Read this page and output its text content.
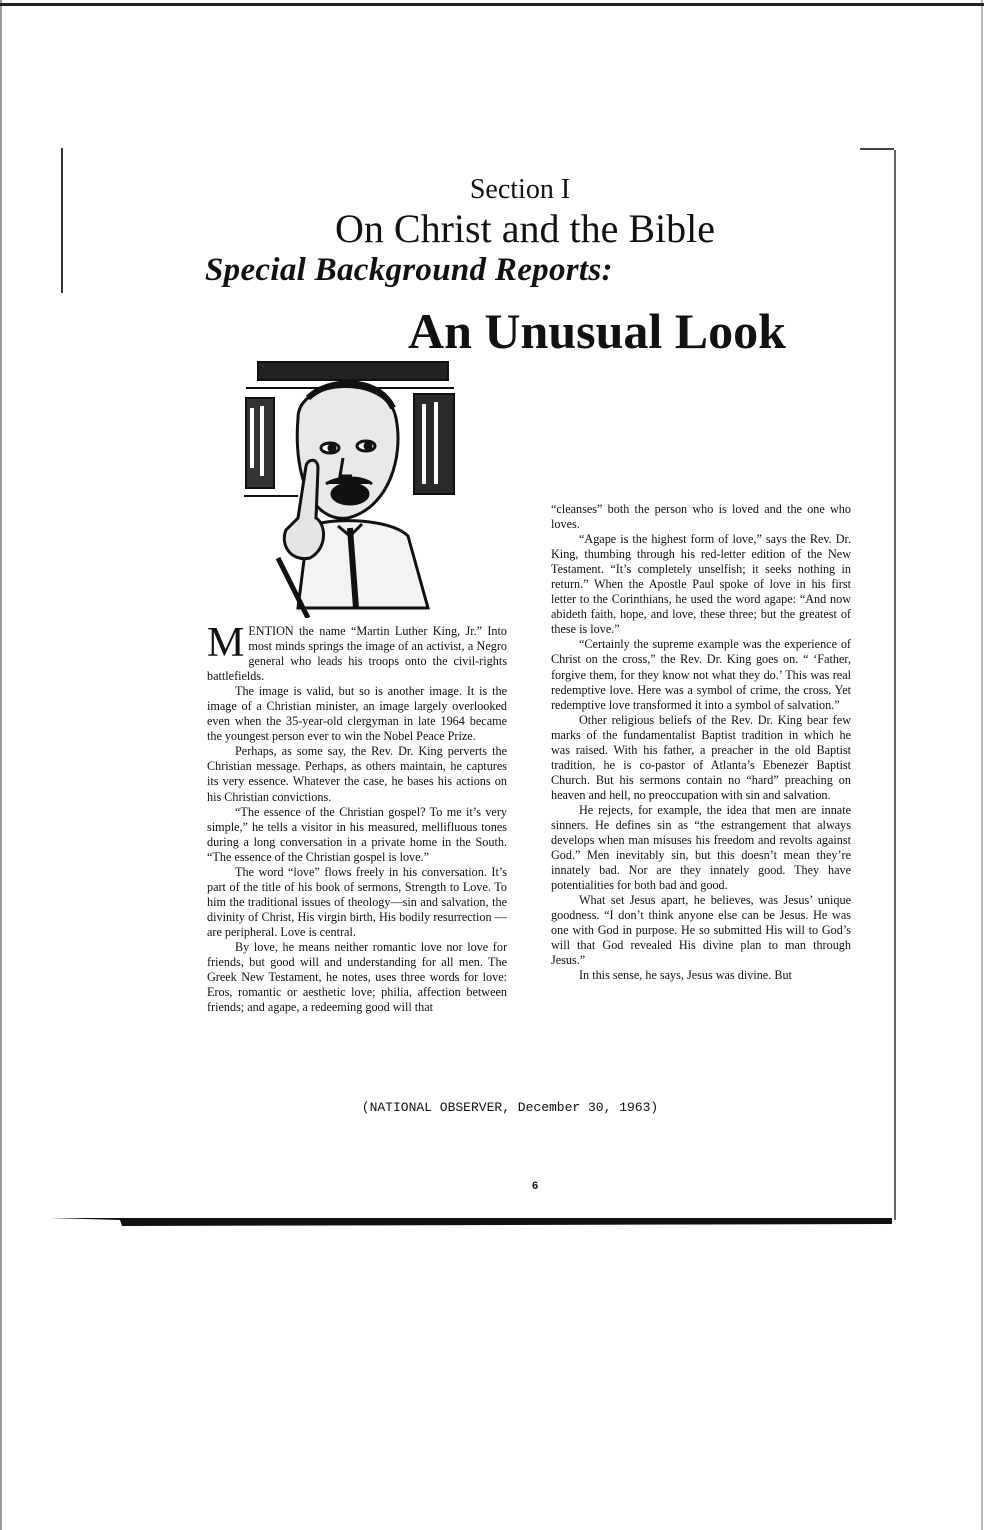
Section I
On Christ and the Bible
Special Background Reports:
An Unusual Look

MENTION the name “Martin Luther King, Jr.” Into most minds springs the image of an activist, a Negro general who leads his troops onto the civil-rights battlefields.

The image is valid, but so is another image. It is the image of a Christian minister, an image largely overlooked even when the 35-year-old clergyman in late 1964 became the youngest person ever to win the Nobel Peace Prize.

Perhaps, as some say, the Rev. Dr. King perverts the Christian message. Perhaps, as others maintain, he captures its very essence. Whatever the case, he bases his actions on his Christian convictions.

“The essence of the Christian gospel? To me it’s very simple,” he tells a visitor in his measured, mellifluous tones during a long conversation in a private home in the South. “The essence of the Christian gospel is love.”

The word “love” flows freely in his conversation. It’s part of the title of his book of sermons, Strength to Love. To him the traditional issues of theology—sin and salvation, the divinity of Christ, His virgin birth, His bodily resurrection —are peripheral. Love is central.

By love, he means neither romantic love nor love for friends, but good will and understanding for all men. The Greek New Testament, he notes, uses three words for love: Eros, romantic or aesthetic love; philia, affection between friends; and agape, a redeeming good will that

“cleanses” both the person who is loved and the one who loves.

“Agape is the highest form of love,” says the Rev. Dr. King, thumbing through his red-letter edition of the New Testament. “It’s completely unselfish; it seeks nothing in return.” When the Apostle Paul spoke of love in his first letter to the Corinthians, he used the word agape: “And now abideth faith, hope, and love, these three; but the greatest of these is love.”

“Certainly the supreme example was the experience of Christ on the cross,” the Rev. Dr. King goes on. “ ‘Father, forgive them, for they know not what they do.’ This was real redemptive love. Here was a symbol of crime, the cross. Yet redemptive love transformed it into a symbol of salvation.”

Other religious beliefs of the Rev. Dr. King bear few marks of the fundamentalist Baptist tradition in which he was raised. With his father, a preacher in the old Baptist tradition, he is co-pastor of Atlanta’s Ebenezer Baptist Church. But his sermons contain no “hard” preaching on heaven and hell, no preoccupation with sin and salvation.

He rejects, for example, the idea that men are innate sinners. He defines sin as “the estrangement that always develops when man misuses his freedom and revolts against God.” Men inevitably sin, but this doesn’t mean they’re innately bad. Nor are they innately good. They have potentialities for both bad and good.

What set Jesus apart, he believes, was Jesus’ unique goodness. “I don’t think anyone else can be Jesus. He was one with God in purpose. He so submitted His will to God’s will that God revealed His divine plan to man through Jesus.”

In this sense, he says, Jesus was divine. But

(NATIONAL OBSERVER, December 30, 1963)
6
